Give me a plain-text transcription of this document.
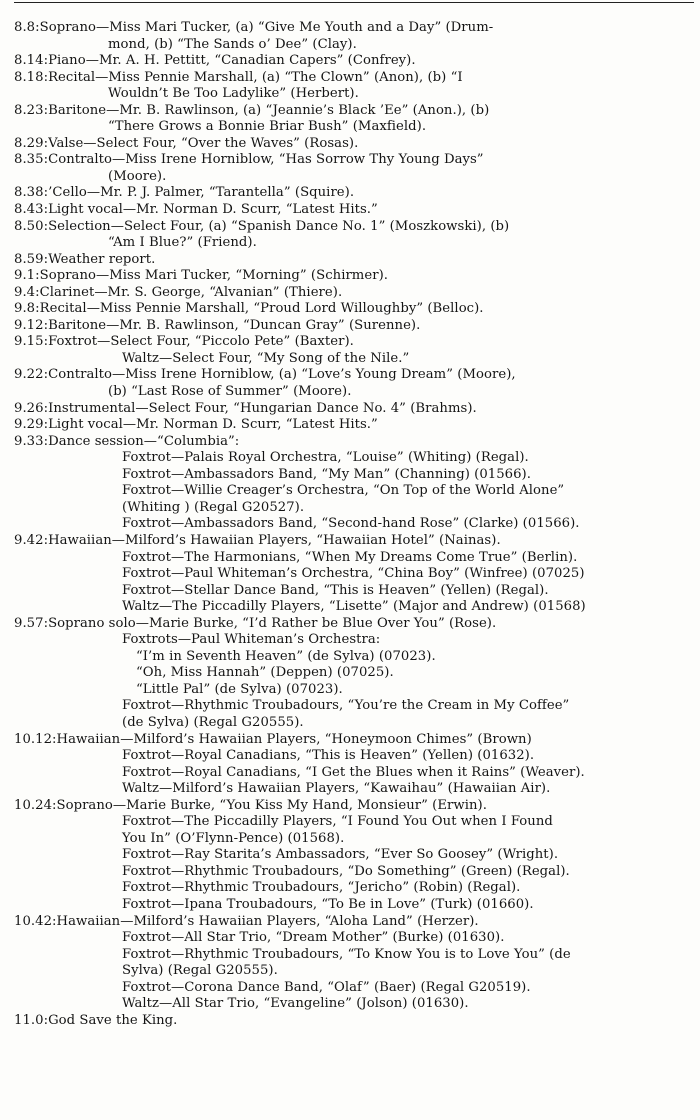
8.8 : Soprano—Miss Mari Tucker, (a) “Give Me Youth and a Day” (Drum-
mond, (b) “The Sands o’ Dee” (Clay).
8.14 : Piano—Mr. A. H. Pettitt, “Canadian Capers” (Confrey).
8.18 : Recital—Miss Pennie Marshall, (a) “The Clown” (Anon), (b) “I
Wouldn’t Be Too Ladylike” (Herbert).
8.23 : Baritone—Mr. B. Rawlinson, (a) “Jeannie’s Black ’Ee” (Anon.), (b)
“There Grows a Bonnie Briar Bush” (Maxfield).
8.29 : Valse—Select Four, “Over the Waves” (Rosas).
8.35 : Contralto—Miss Irene Horniblow, “Has Sorrow Thy Young Days”
(Moore).
8.38 : ’Cello—Mr. P. J. Palmer, “Tarantella” (Squire).
8.43 : Light vocal—Mr. Norman D. Scurr, “Latest Hits.”
8.50 : Selection—Select Four, (a) “Spanish Dance No. 1” (Moszkowski), (b)
“Am I Blue?” (Friend).
8.59 : Weather report.
9.1 : Soprano—Miss Mari Tucker, “Morning” (Schirmer).
9.4 : Clarinet—Mr. S. George, “Alvanian” (Thiere).
9.8 : Recital—Miss Pennie Marshall, “Proud Lord Willoughby” (Belloc).
9.12 : Baritone—Mr. B. Rawlinson, “Duncan Gray” (Surenne).
9.15 : Foxtrot—Select Four, “Piccolo Pete” (Baxter).
Waltz—Select Four, “My Song of the Nile.”
9.22 : Contralto—Miss Irene Horniblow, (a) “Love’s Young Dream” (Moore),
(b) “Last Rose of Summer” (Moore).
9.26 : Instrumental—Select Four, “Hungarian Dance No. 4” (Brahms).
9.29 : Light vocal—Mr. Norman D. Scurr, “Latest Hits.”
9.33 : Dance session—“Columbia”:
Foxtrot—Palais Royal Orchestra, “Louise” (Whiting) (Regal).
Foxtrot—Ambassadors Band, “My Man” (Channing) (01566).
Foxtrot—Willie Creager’s Orchestra, “On Top of the World Alone”
(Whiting ) (Regal G20527).
Foxtrot—Ambassadors Band, “Second-hand Rose” (Clarke) (01566).
9.42 : Hawaiian—Milford’s Hawaiian Players, “Hawaiian Hotel” (Nainas).
Foxtrot—The Harmonians, “When My Dreams Come True” (Berlin).
Foxtrot—Paul Whiteman’s Orchestra, “China Boy” (Winfree) (07025)
Foxtrot—Stellar Dance Band, “This is Heaven” (Yellen) (Regal).
Waltz—The Piccadilly Players, “Lisette” (Major and Andrew) (01568)
9.57 : Soprano solo—Marie Burke, “I’d Rather be Blue Over You” (Rose).
Foxtrots—Paul Whiteman’s Orchestra:
“I’m in Seventh Heaven” (de Sylva) (07023).
“Oh, Miss Hannah” (Deppen) (07025).
“Little Pal” (de Sylva) (07023).
Foxtrot—Rhythmic Troubadours, “You’re the Cream in My Coffee”
(de Sylva) (Regal G20555).
10.12 : Hawaiian—Milford’s Hawaiian Players, “Honeymoon Chimes” (Brown)
Foxtrot—Royal Canadians, “This is Heaven” (Yellen) (01632).
Foxtrot—Royal Canadians, “I Get the Blues when it Rains” (Weaver).
Waltz—Milford’s Hawaiian Players, “Kawaihau” (Hawaiian Air).
10.24 : Soprano—Marie Burke, “You Kiss My Hand, Monsieur” (Erwin).
Foxtrot—The Piccadilly Players, “I Found You Out when I Found
You In” (O’Flynn-Pence) (01568).
Foxtrot—Ray Starita’s Ambassadors, “Ever So Goosey” (Wright).
Foxtrot—Rhythmic Troubadours, “Do Something” (Green) (Regal).
Foxtrot—Rhythmic Troubadours, “Jericho” (Robin) (Regal).
Foxtrot—Ipana Troubadours, “To Be in Love” (Turk) (01660).
10.42 : Hawaiian—Milford’s Hawaiian Players, “Aloha Land” (Herzer).
Foxtrot—All Star Trio, “Dream Mother” (Burke) (01630).
Foxtrot—Rhythmic Troubadours, “To Know You is to Love You” (de
Sylva) (Regal G20555).
Foxtrot—Corona Dance Band, “Olaf” (Baer) (Regal G20519).
Waltz—All Star Trio, “Evangeline” (Jolson) (01630).
11.0 : God Save the King.
